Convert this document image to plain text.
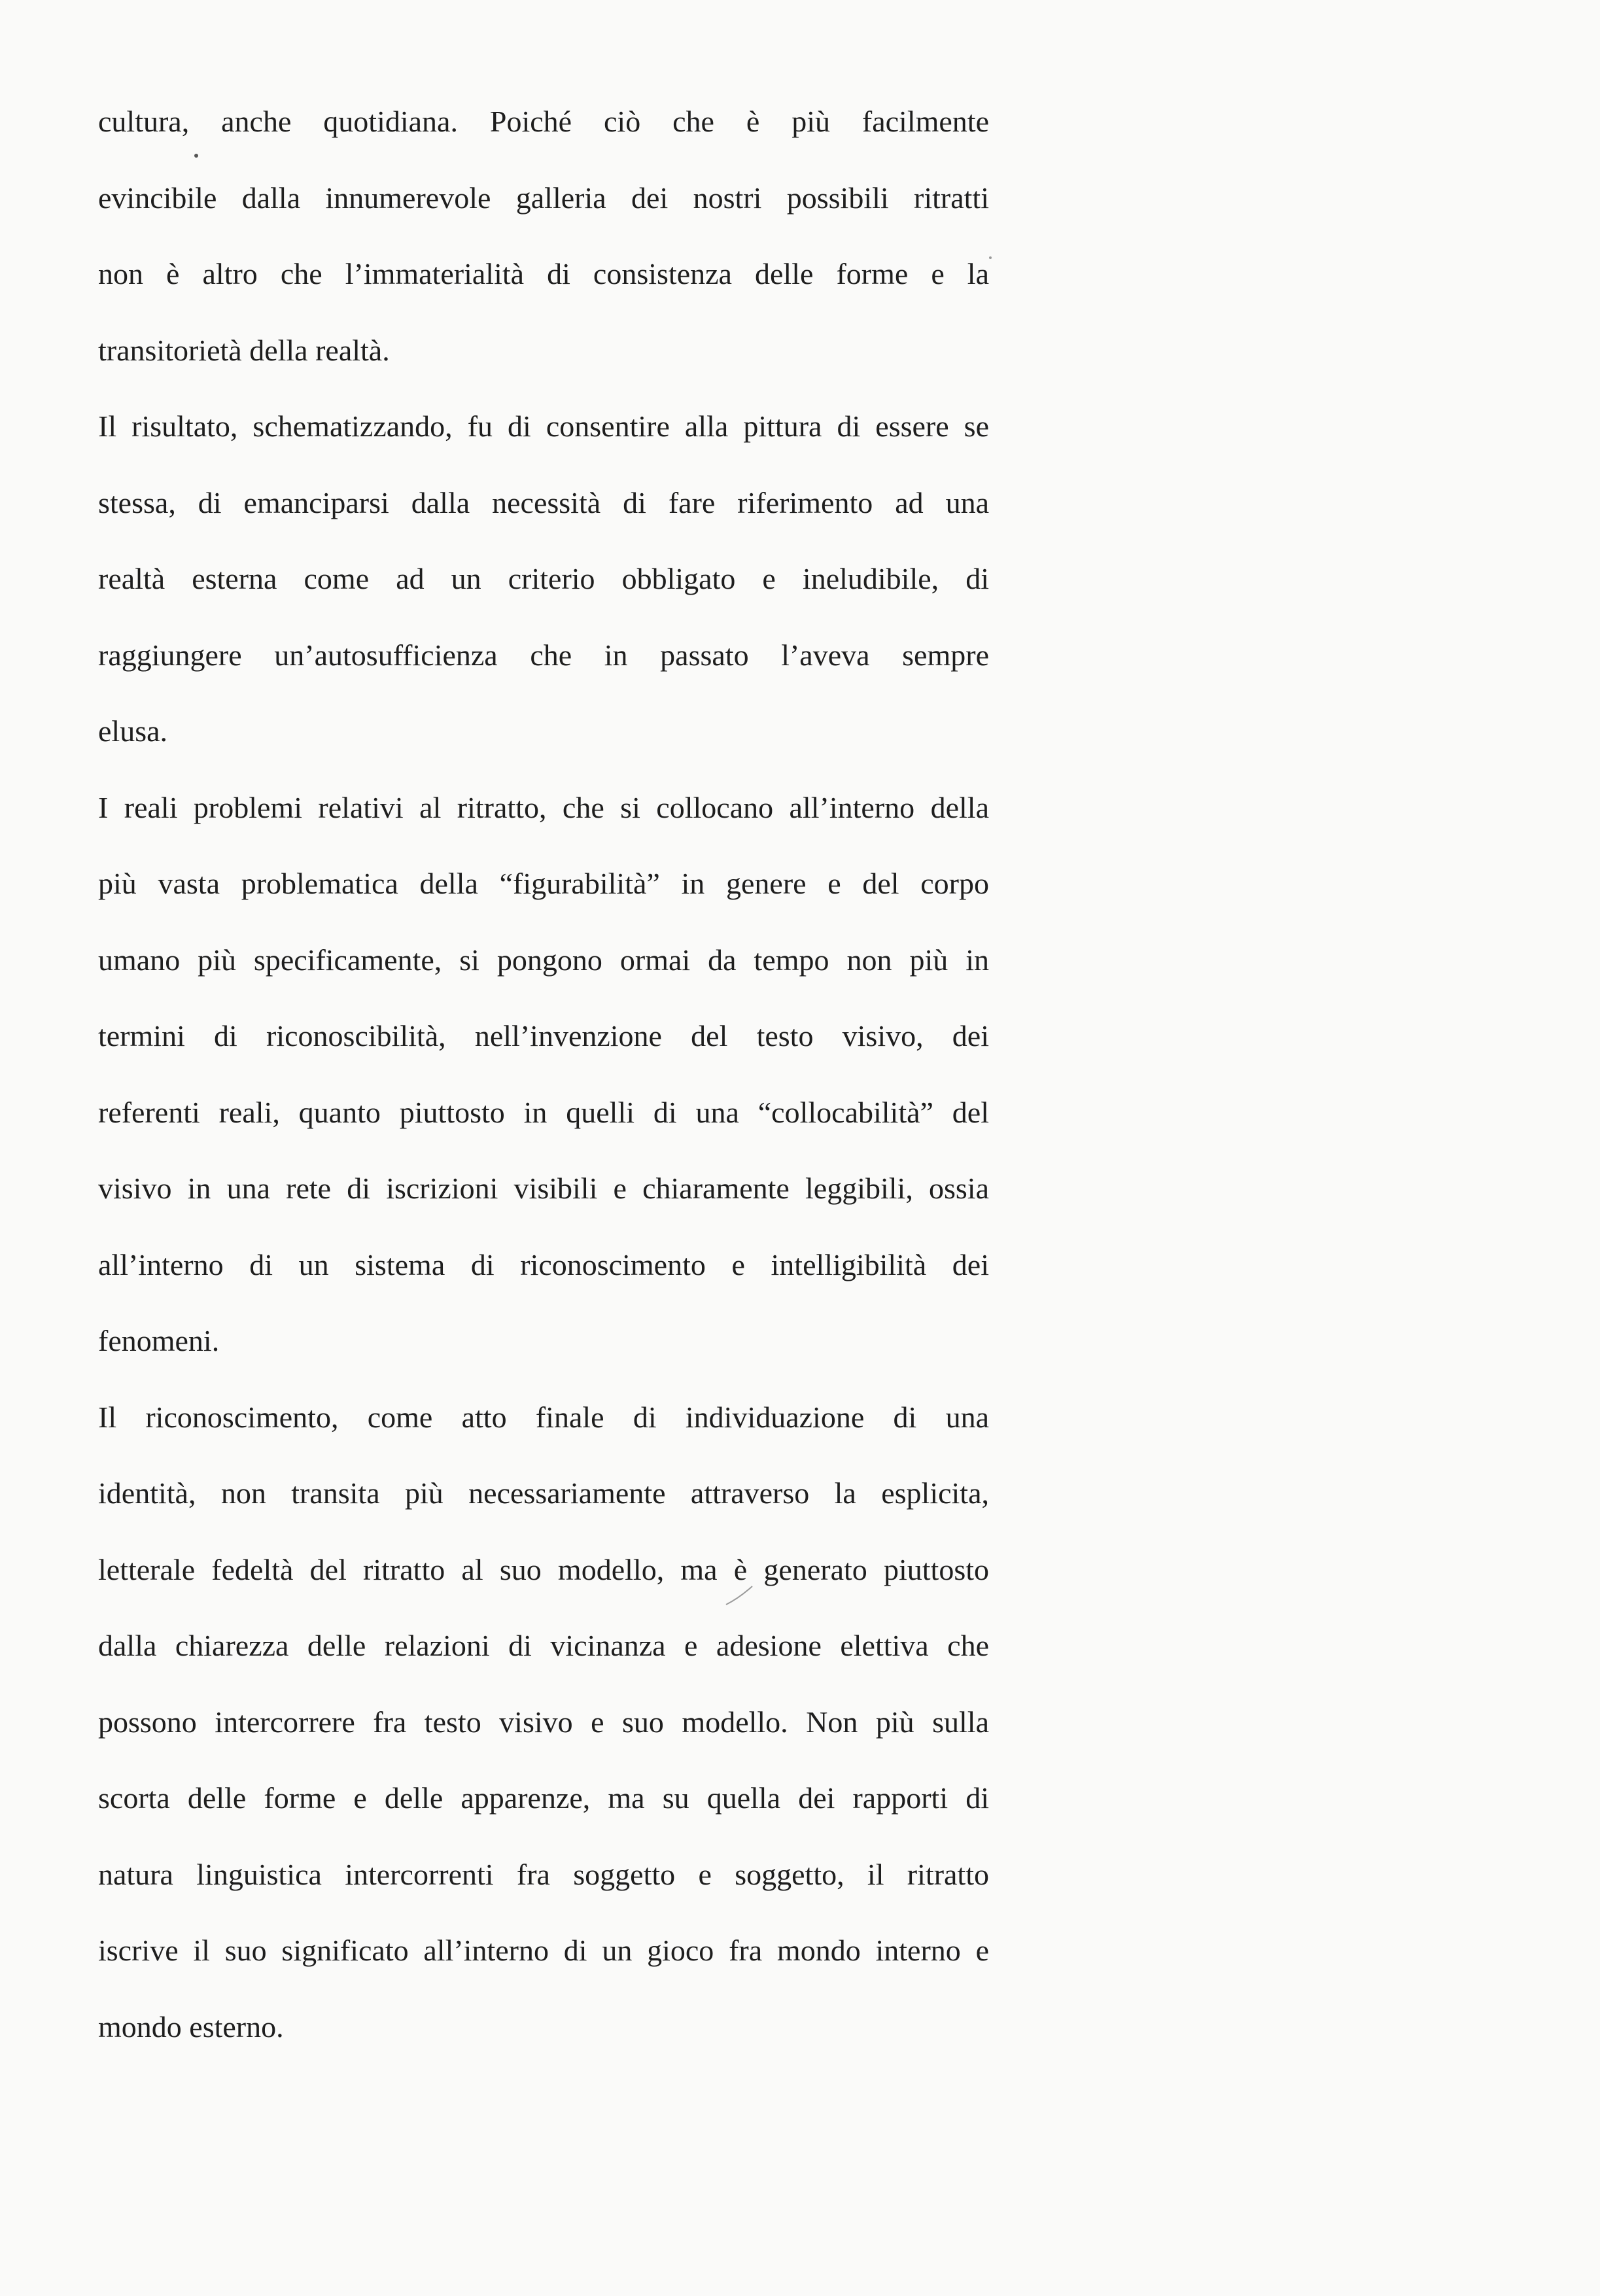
cultura, anche quotidiana. Poiché ciò che è più facilmente
evincibile dalla innumerevole galleria dei nostri possibili ritratti
non è altro che l’immaterialità di consistenza delle forme e la
transitorietà della realtà.
Il risultato, schematizzando, fu di consentire alla pittura di essere se
stessa, di emanciparsi dalla necessità di fare riferimento ad una
realtà esterna come ad un criterio obbligato e ineludibile, di
raggiungere un’autosufficienza che in passato l’aveva sempre
elusa.
I reali problemi relativi al ritratto, che si collocano all’interno della
più vasta problematica della “figurabilità” in genere e del corpo
umano più specificamente, si pongono ormai da tempo non più in
termini di riconoscibilità, nell’invenzione del testo visivo, dei
referenti reali, quanto piuttosto in quelli di una “collocabilità” del
visivo in una rete di iscrizioni visibili e chiaramente leggibili, ossia
all’interno di un sistema di riconoscimento e intelligibilità dei
fenomeni.
Il riconoscimento, come atto finale di individuazione di una
identità, non transita più necessariamente attraverso la esplicita,
letterale fedeltà del ritratto al suo modello, ma è generato piuttosto
dalla chiarezza delle relazioni di vicinanza e adesione elettiva che
possono intercorrere fra testo visivo e suo modello. Non più sulla
scorta delle forme e delle apparenze, ma su quella dei rapporti di
natura linguistica intercorrenti fra soggetto e soggetto, il ritratto
iscrive il suo significato all’interno di un gioco fra mondo interno e
mondo esterno.
